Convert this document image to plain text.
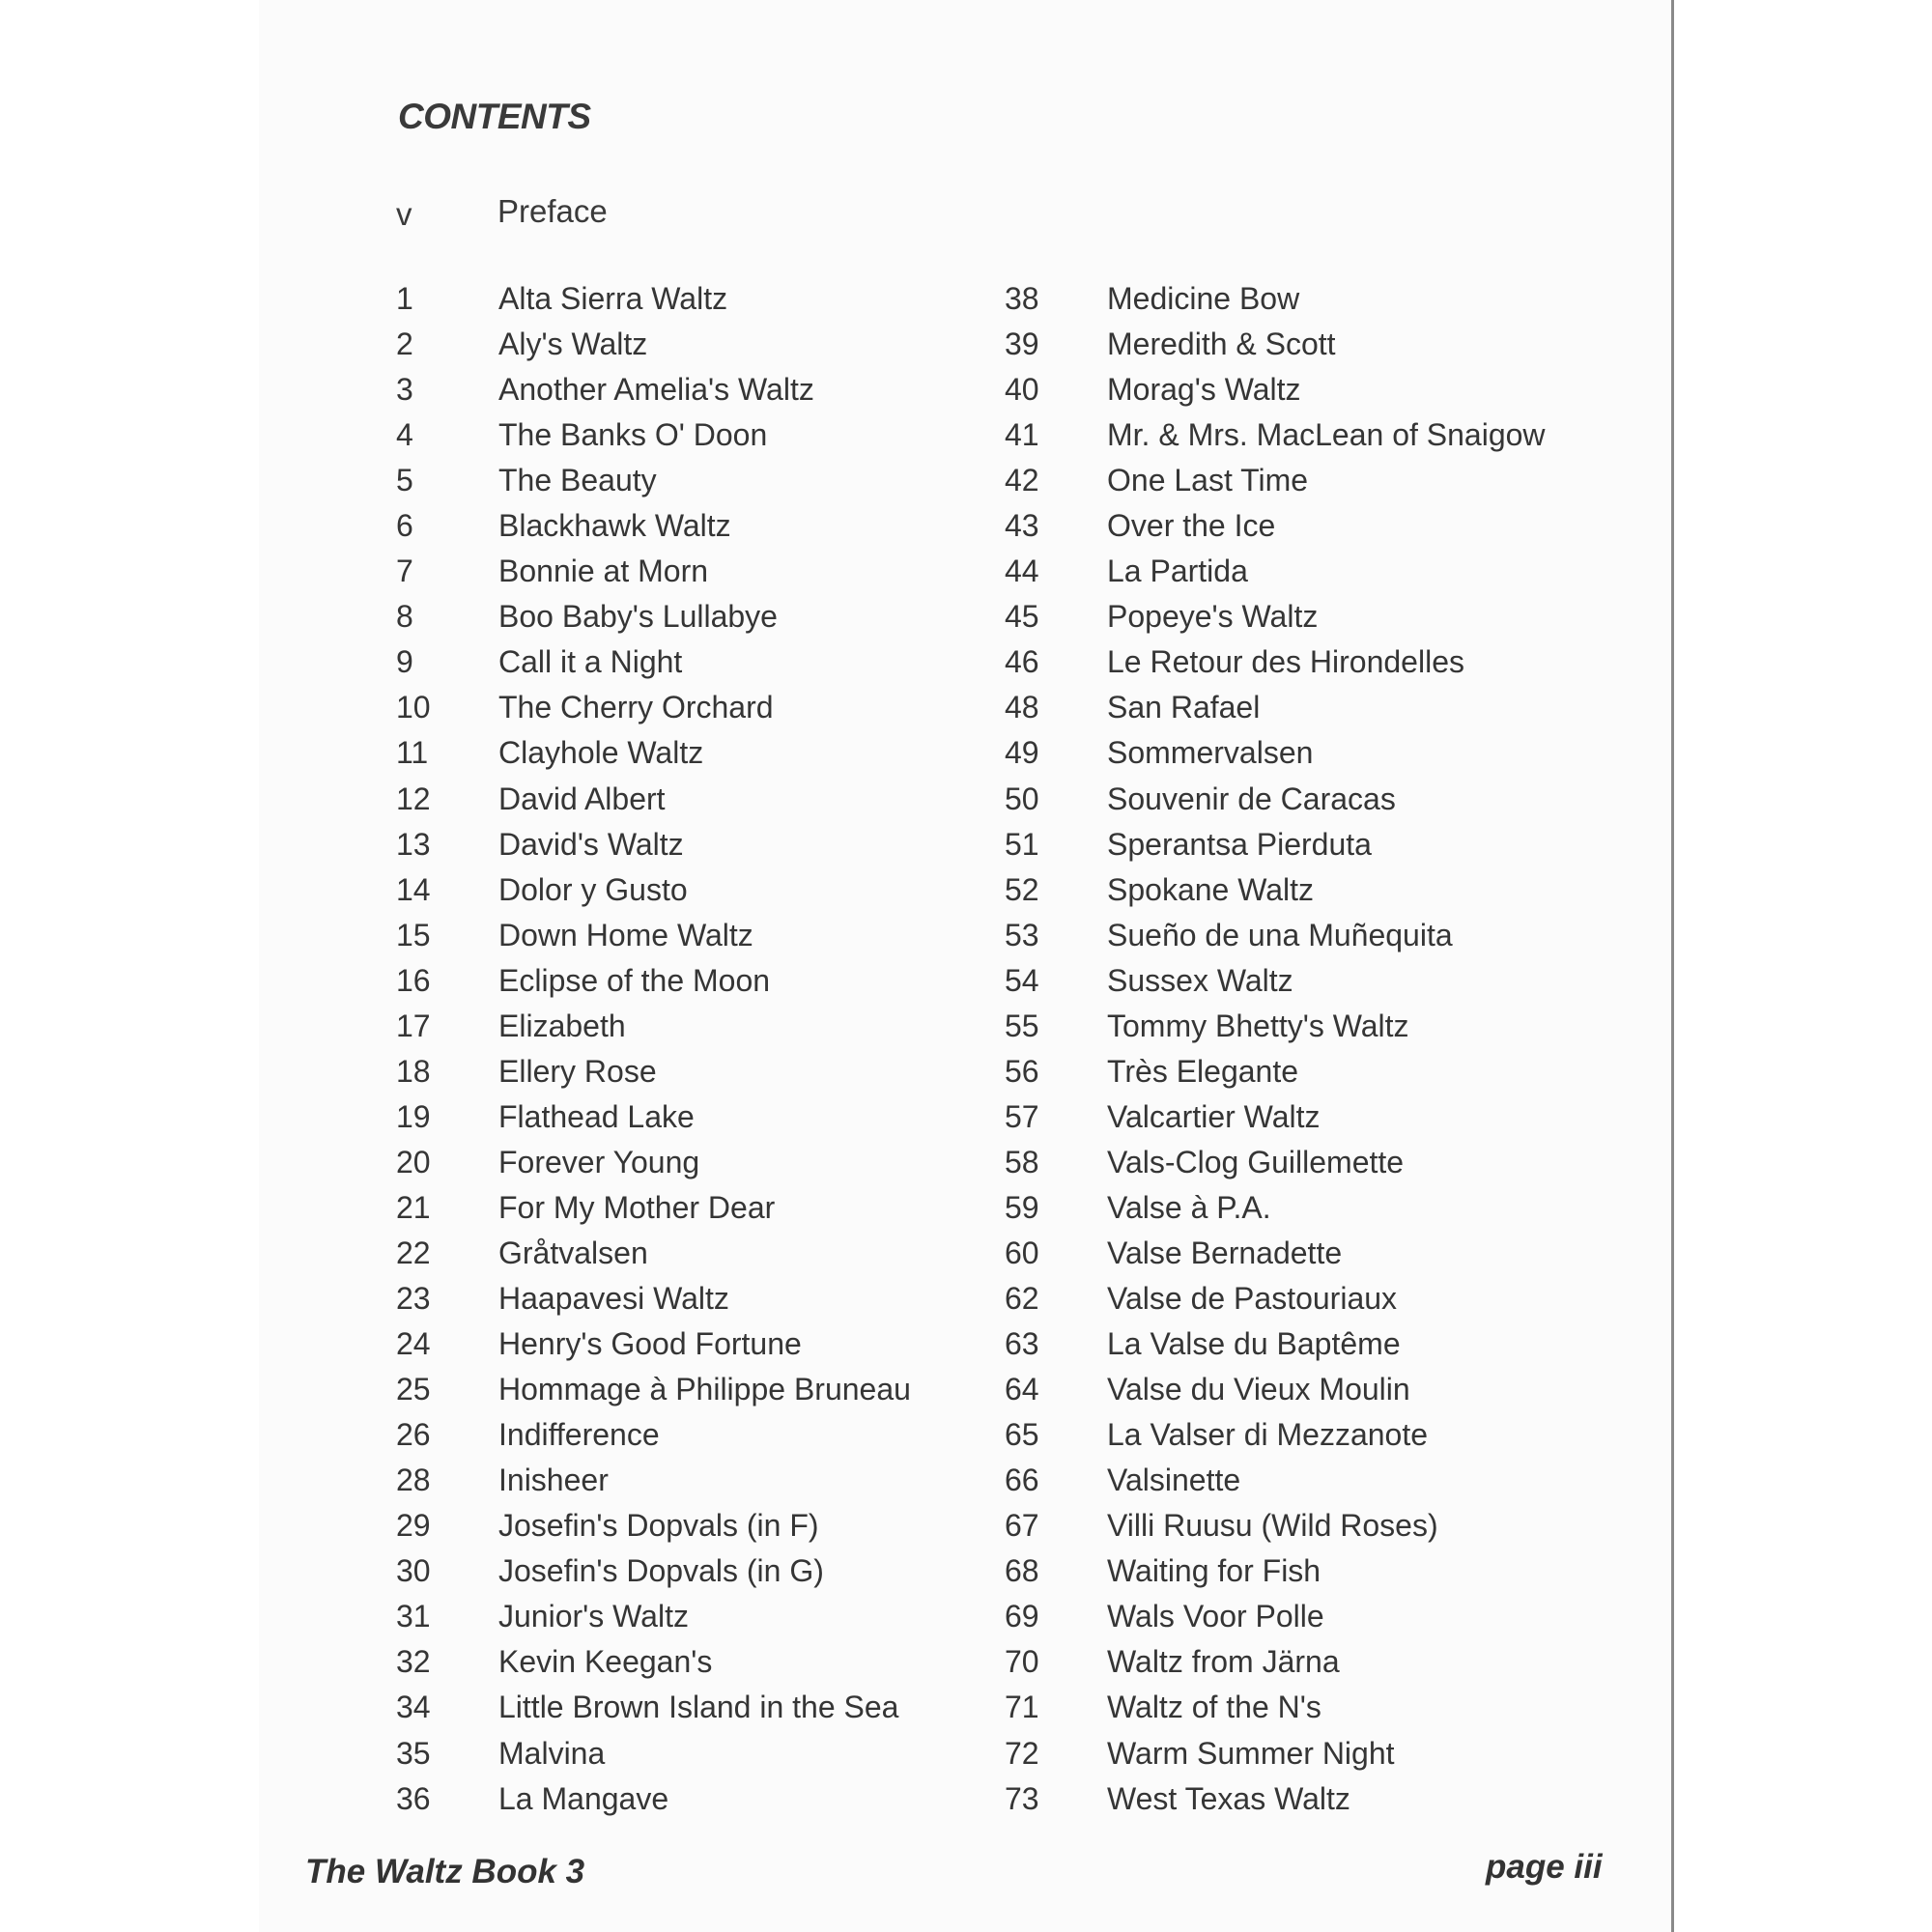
CONTENTS
v	Preface
1	Alta Sierra Waltz
2	Aly's Waltz
3	Another Amelia's Waltz
4	The Banks O' Doon
5	The Beauty
6	Blackhawk Waltz
7	Bonnie at Morn
8	Boo Baby's Lullabye
9	Call it a Night
10 The Cherry Orchard
11 Clayhole Waltz
12 David Albert
13 David's Waltz
14 Dolor y Gusto
15 Down Home Waltz
16 Eclipse of the Moon
17 Elizabeth
18 Ellery Rose
19 Flathead Lake
20 Forever Young
21 For My Mother Dear
22 Gråtvalsen
23 Haapavesi Waltz
24 Henry's Good Fortune
25 Hommage à Philippe Bruneau
26 Indifference
28 Inisheer
29 Josefin's Dopvals (in F)
30 Josefin's Dopvals (in G)
31 Junior's Waltz
32 Kevin Keegan's
34 Little Brown Island in the Sea
35 Malvina
36 La Mangave
38 Medicine Bow
39 Meredith & Scott
40 Morag's Waltz
41 Mr. & Mrs. MacLean of Snaigow
42 One Last Time
43 Over the Ice
44 La Partida
45 Popeye's Waltz
46 Le Retour des Hirondelles
48 San Rafael
49 Sommervalsen
50 Souvenir de Caracas
51 Sperantsa Pierduta
52 Spokane Waltz
53 Sueño de una Muñequita
54 Sussex Waltz
55 Tommy Bhetty's Waltz
56 Très Elegante
57 Valcartier Waltz
58 Vals-Clog Guillemette
59 Valse à P.A.
60 Valse Bernadette
62 Valse de Pastouriaux
63 La Valse du Baptême
64 Valse du Vieux Moulin
65 La Valser di Mezzanote
66 Valsinette
67 Villi Ruusu (Wild Roses)
68 Waiting for Fish
69 Wals Voor Polle
70 Waltz from Järna
71 Waltz of the N's
72 Warm Summer Night
73 West Texas Waltz
The Waltz Book 3	page iii
